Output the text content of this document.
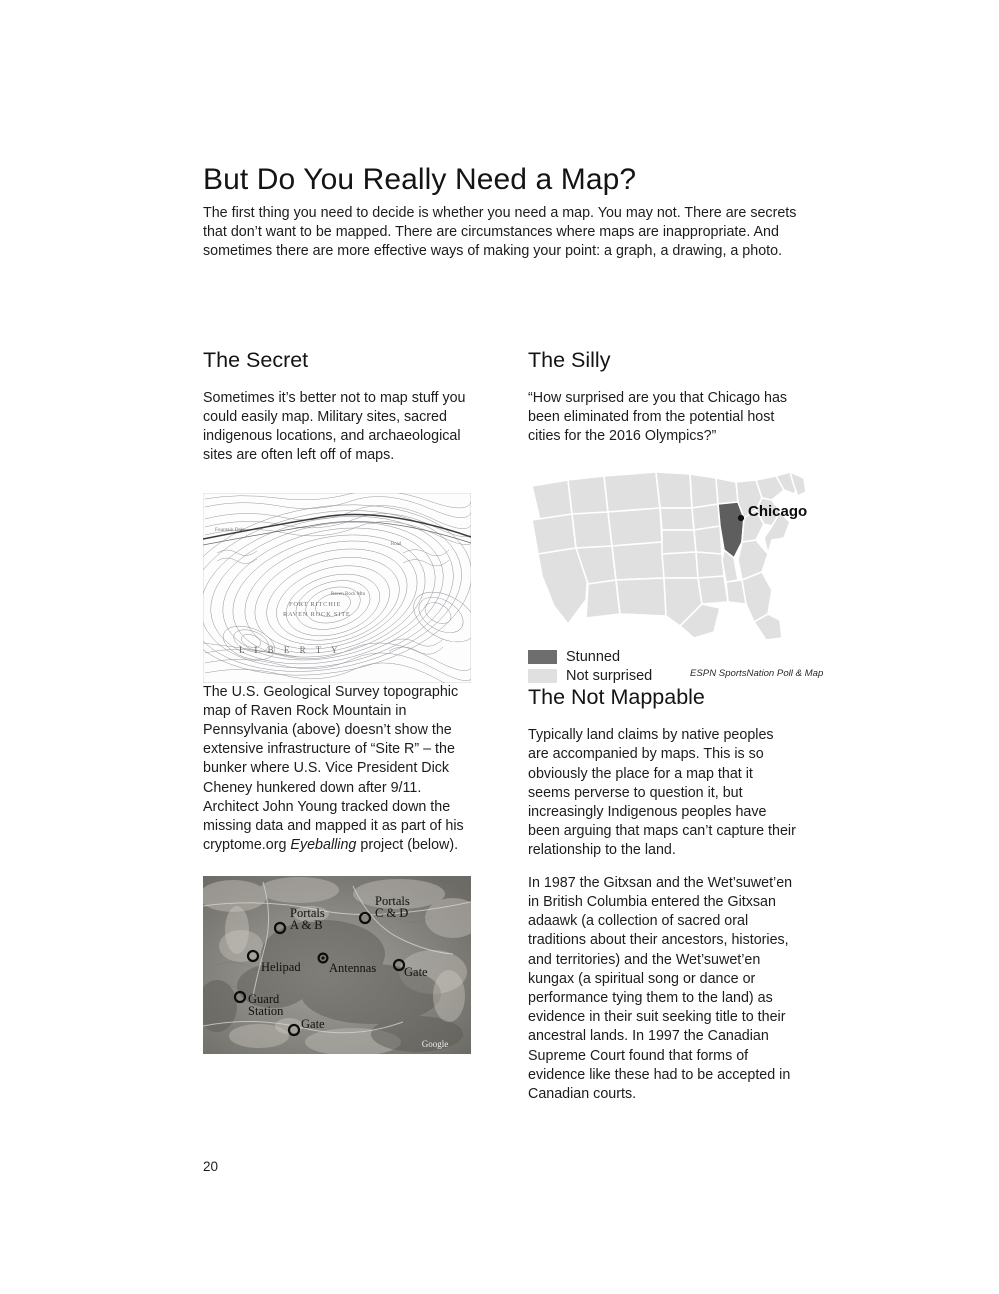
But Do You Really Need a Map?

The first thing you need to decide is whether you need a map. You may not. There are secrets that don’t want to be mapped. There are circumstances where maps are inappropriate. And sometimes there are more effective ways of making your point: a graph, a drawing, a photo.

The Secret

Sometimes it’s better not to map stuff you could easily map. Military sites, sacred indigenous locations, and archaeological sites are often left off of maps.

Fountain Dale
Road
Raven Rock Mtn
FORT RITCHIE
RAVEN ROCK SITE
L I B E R T Y

The U.S. Geological Survey topographic map of Raven Rock Mountain in Pennsylvania (above) doesn’t show the extensive infrastructure of “Site R” – the bunker where U.S. Vice President Dick Cheney hunkered down after 9/11. Architect John Young tracked down the missing data and mapped it as part of his cryptome.org Eyeballing project (below).

Portals
A & B
Portals
C & D
Helipad Antennas Gate
Guard
Station
Gate
Google
The Silly

“How surprised are you that Chicago has been eliminated from the potential host cities for the 2016 Olympics?”

Chicago
Stunned
Not surprised	ESPN SportsNation Poll & Map
The Not Mappable

Typically land claims by native peoples are accompanied by maps. This is so obviously the place for a map that it seems perverse to question it, but increasingly Indigenous peoples have been arguing that maps can’t capture their relationship to the land.

In 1987 the Gitxsan and the Wet’suwet’en in British Columbia entered the Gitxsan adaawk (a collection of sacred oral traditions about their ancestors, histories, and territories) and the Wet’suwet’en kungax (a spiritual song or dance or performance tying them to the land) as evidence in their suit seeking title to their ancestral lands. In 1997 the Canadian Supreme Court found that forms of evidence like these had to be accepted in Canadian courts.

20
